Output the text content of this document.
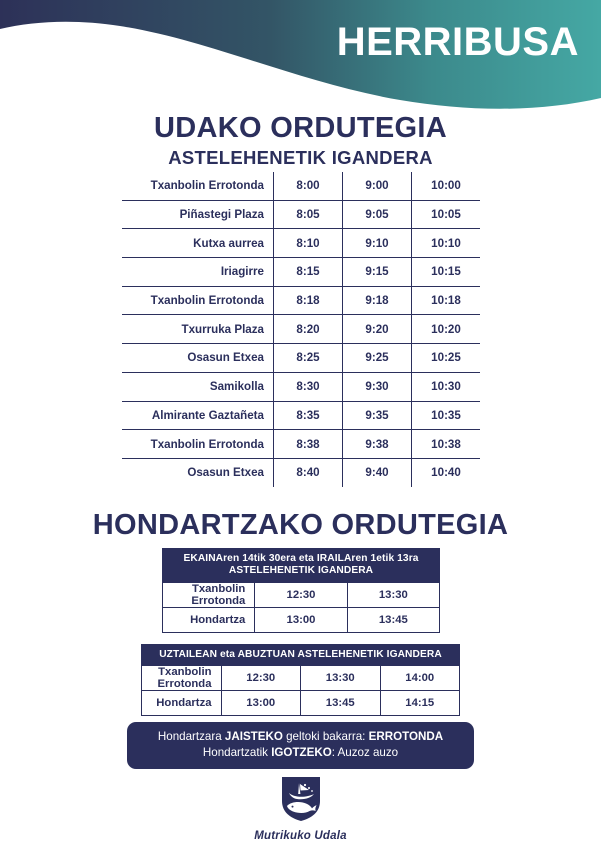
HERRIBUSA
UDAKO ORDUTEGIA
ASTELEHENETIK IGANDERA
Txanbolin Errotonda	8:00	9:00	10:00
Piñastegi Plaza	8:05	9:05	10:05
Kutxa aurrea	8:10	9:10	10:10
Iriagirre	8:15	9:15	10:15
Txanbolin Errotonda	8:18	9:18	10:18
Txurruka Plaza	8:20	9:20	10:20
Osasun Etxea	8:25	9:25	10:25
Samikolla	8:30	9:30	10:30
Almirante Gaztañeta	8:35	9:35	10:35
Txanbolin Errotonda	8:38	9:38	10:38
Osasun Etxea	8:40	9:40	10:40
HONDARTZAKO ORDUTEGIA
EKAINAren 14tik 30era eta IRAILAren 1etik 13ra
ASTELEHENETIK IGANDERA		

Txanbolin Errotonda	12:30	13:30
Hondartza	13:00	13:45
UZTAILEAN eta ABUZTUAN ASTELEHENETIK IGANDERA			
Txanbolin Errotonda	12:30	13:30	14:00
Hondartza	13:00	13:45	14:15
Hondartzara JAISTEKO geltoki bakarra: ERROTONDA
Hondartzatik IGOTZEKO: Auzoz auzo
Mutrikuko Udala
